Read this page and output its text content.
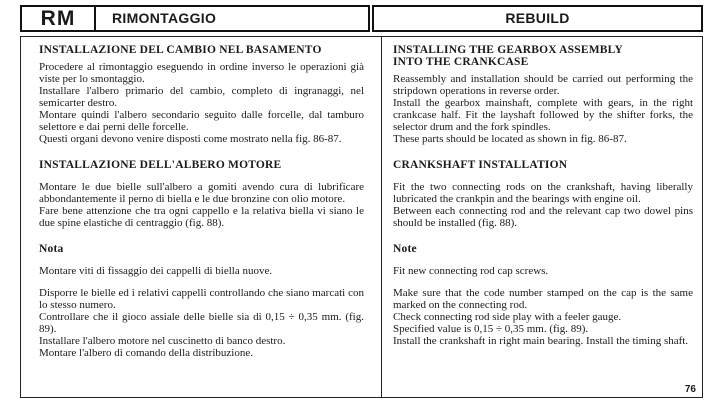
RM	RIMONTAGGIO	REBUILD
INSTALLAZIONE DEL CAMBIO NEL BASAMENTO

Procedere al rimontaggio eseguendo in ordine inverso le operazioni già viste per lo smontaggio.

Installare l'albero primario del cambio, completo di ingranaggi, nel semicarter destro.

Montare quindi l'albero secondario seguito dalle forcelle, dal tamburo selettore e dai perni delle forcelle.

Questi organi devono venire disposti come mostrato nella fig. 86-87.

INSTALLAZIONE DELL'ALBERO MOTORE

Montare le due bielle sull'albero a gomiti avendo cura di lubrificare abbondantemente il perno di biella e le due bronzine con olio motore.

Fare bene attenzione che tra ogni cappello e la relativa biella vi siano le due spine elastiche di centraggio (fig. 88).

Nota

Montare viti di fissaggio dei cappelli di biella nuove.

Disporre le bielle ed i relativi cappelli controllando che siano marcati con lo stesso numero.

Controllare che il gioco assiale delle bielle sia di 0,15 ÷ 0,35 mm. (fig. 89).

Installare l'albero motore nel cuscinetto di banco destro.

Montare l'albero di comando della distribuzione.

INSTALLING THE GEARBOX ASSEMBLY
INTO THE CRANKCASE

Reassembly and installation should be carried out performing the stripdown operations in reverse order.

Install the gearbox mainshaft, complete with gears, in the right crankcase half. Fit the layshaft followed by the shifter forks, the selector drum and the fork spindles.

These parts should be located as shown in fig. 86-87.

CRANKSHAFT INSTALLATION

Fit the two connecting rods on the crankshaft, having liberally lubricated the crankpin and the bearings with engine oil.

Between each connecting rod and the relevant cap two dowel pins should be installed (fig. 88).

Note

Fit new connecting rod cap screws.

Make sure that the code number stamped on the cap is the same marked on the connecting rod.

Check connecting rod side play with a feeler gauge.

Specified value is 0,15 ÷ 0,35 mm. (fig. 89).

Install the crankshaft in right main bearing. Install the timing shaft.

76
